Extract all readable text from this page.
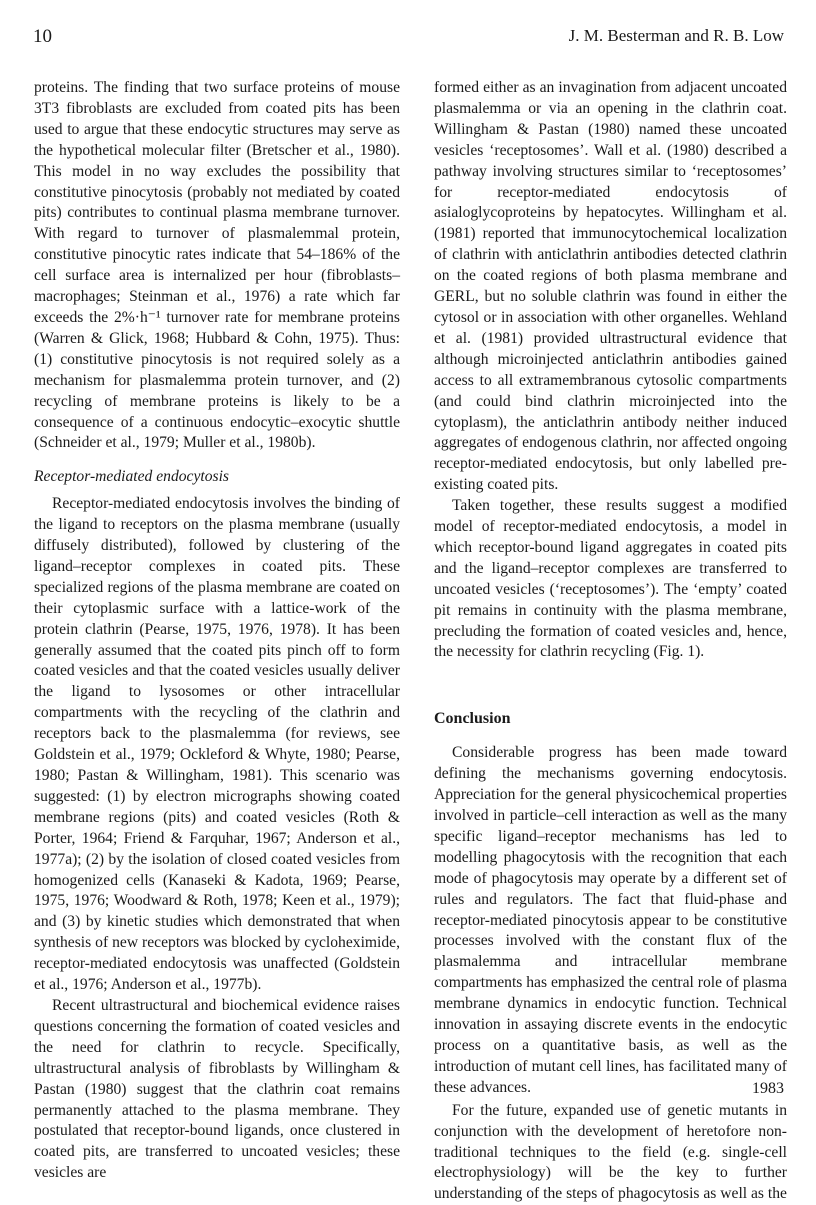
10	J. M. Besterman and R. B. Low

proteins. The finding that two surface proteins of mouse 3T3 fibroblasts are excluded from coated pits has been used to argue that these endocytic structures may serve as the hypothetical molecular filter (Bretscher et al., 1980). This model in no way excludes the possibility that constitutive pinocytosis (probably not mediated by coated pits) contributes to continual plasma membrane turnover. With regard to turnover of plasmalemmal protein, constitutive pinocytic rates indicate that 54–186% of the cell surface area is internalized per hour (fibroblasts–macrophages; Steinman et al., 1976) a rate which far exceeds the 2%·h⁻¹ turnover rate for membrane proteins (Warren & Glick, 1968; Hubbard & Cohn, 1975). Thus: (1) constitutive pinocytosis is not required solely as a mechanism for plasmalemma protein turnover, and (2) recycling of membrane proteins is likely to be a consequence of a continuous endocytic–exocytic shuttle (Schneider et al., 1979; Muller et al., 1980b).

Receptor-mediated endocytosis

Receptor-mediated endocytosis involves the binding of the ligand to receptors on the plasma membrane (usually diffusely distributed), followed by clustering of the ligand–receptor complexes in coated pits. These specialized regions of the plasma membrane are coated on their cytoplasmic surface with a lattice-work of the protein clathrin (Pearse, 1975, 1976, 1978). It has been generally assumed that the coated pits pinch off to form coated vesicles and that the coated vesicles usually deliver the ligand to lysosomes or other intracellular compartments with the recycling of the clathrin and receptors back to the plasmalemma (for reviews, see Goldstein et al., 1979; Ockleford & Whyte, 1980; Pearse, 1980; Pastan & Willingham, 1981). This scenario was suggested: (1) by electron micrographs showing coated membrane regions (pits) and coated vesicles (Roth & Porter, 1964; Friend & Farquhar, 1967; Anderson et al., 1977a); (2) by the isolation of closed coated vesicles from homogenized cells (Kanaseki & Kadota, 1969; Pearse, 1975, 1976; Woodward & Roth, 1978; Keen et al., 1979); and (3) by kinetic studies which demonstrated that when synthesis of new receptors was blocked by cycloheximide, receptor-mediated endocytosis was unaffected (Goldstein et al., 1976; Anderson et al., 1977b).

Recent ultrastructural and biochemical evidence raises questions concerning the formation of coated vesicles and the need for clathrin to recycle. Specifically, ultrastructural analysis of fibroblasts by Willingham & Pastan (1980) suggest that the clathrin coat remains permanently attached to the plasma membrane. They postulated that receptor-bound ligands, once clustered in coated pits, are transferred to uncoated vesicles; these vesicles are

formed either as an invagination from adjacent uncoated plasmalemma or via an opening in the clathrin coat. Willingham & Pastan (1980) named these uncoated vesicles ‘receptosomes’. Wall et al. (1980) described a pathway involving structures similar to ‘receptosomes’ for receptor-mediated endocytosis of asialoglycoproteins by hepatocytes. Willingham et al. (1981) reported that immunocytochemical localization of clathrin with anticlathrin antibodies detected clathrin on the coated regions of both plasma membrane and GERL, but no soluble clathrin was found in either the cytosol or in association with other organelles. Wehland et al. (1981) provided ultrastructural evidence that although microinjected anticlathrin antibodies gained access to all extramembranous cytosolic compartments (and could bind clathrin microinjected into the cytoplasm), the anticlathrin antibody neither induced aggregates of endogenous clathrin, nor affected ongoing receptor-mediated endocytosis, but only labelled pre-existing coated pits.

Taken together, these results suggest a modified model of receptor-mediated endocytosis, a model in which receptor-bound ligand aggregates in coated pits and the ligand–receptor complexes are transferred to uncoated vesicles (‘receptosomes’). The ‘empty’ coated pit remains in continuity with the plasma membrane, precluding the formation of coated vesicles and, hence, the necessity for clathrin recycling (Fig. 1).

Conclusion

Considerable progress has been made toward defining the mechanisms governing endocytosis. Appreciation for the general physicochemical properties involved in particle–cell interaction as well as the many specific ligand–receptor mechanisms has led to modelling phagocytosis with the recognition that each mode of phagocytosis may operate by a different set of rules and regulators. The fact that fluid-phase and receptor-mediated pinocytosis appear to be constitutive processes involved with the constant flux of the plasmalemma and intracellular membrane compartments has emphasized the central role of plasma membrane dynamics in endocytic function. Technical innovation in assaying discrete events in the endocytic process on a quantitative basis, as well as the introduction of mutant cell lines, has facilitated many of these advances.

For the future, expanded use of genetic mutants in conjunction with the development of heretofore non-traditional techniques to the field (e.g. single-cell electrophysiology) will be the key to further understanding of the steps of phagocytosis as well as the

1983
